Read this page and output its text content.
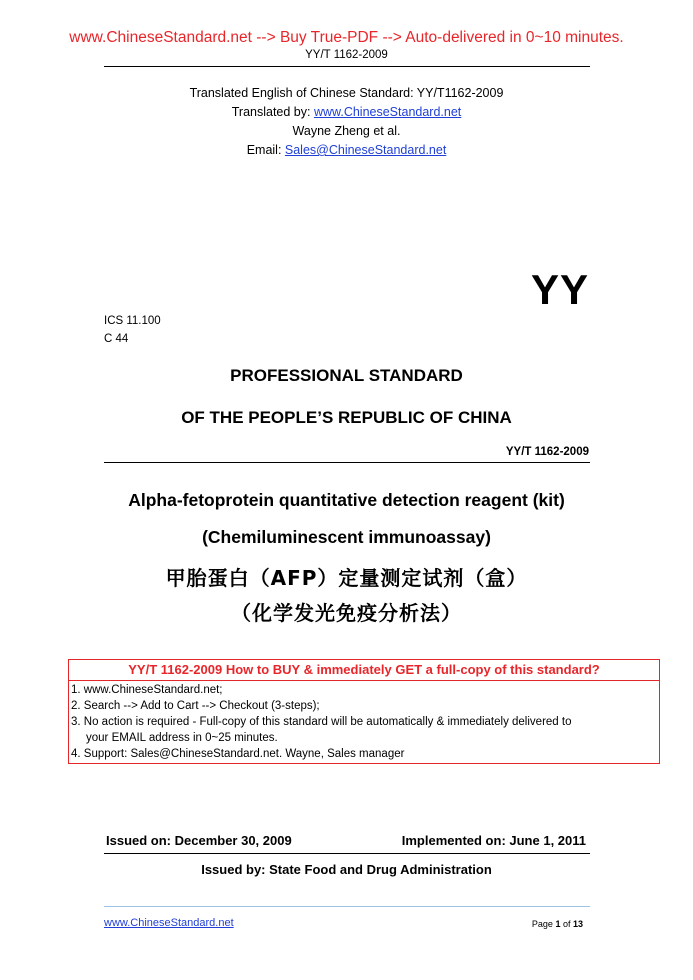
www.ChineseStandard.net --> Buy True-PDF --> Auto-delivered in 0~10 minutes.
YY/T 1162-2009
Translated English of Chinese Standard: YY/T1162-2009
Translated by: www.ChineseStandard.net
Wayne Zheng et al.
Email: Sales@ChineseStandard.net
YY
ICS 11.100
C 44
PROFESSIONAL STANDARD
OF THE PEOPLE’S REPUBLIC OF CHINA
YY/T 1162-2009
Alpha-fetoprotein quantitative detection reagent (kit)
(Chemiluminescent immunoassay)
甲胎蛋白（AFP）定量测定试剂（盒）
（化学发光免疫分析法）
YY/T 1162-2009 How to BUY & immediately GET a full-copy of this standard?
1. www.ChineseStandard.net;
2. Search --> Add to Cart --> Checkout (3-steps);
3. No action is required - Full-copy of this standard will be automatically & immediately delivered to
your EMAIL address in 0~25 minutes.
4. Support: Sales@ChineseStandard.net. Wayne, Sales manager
Issued on: December 30, 2009	Implemented on: June 1, 2011
Issued by: State Food and Drug Administration
www.ChineseStandard.net	Page 1 of 13
